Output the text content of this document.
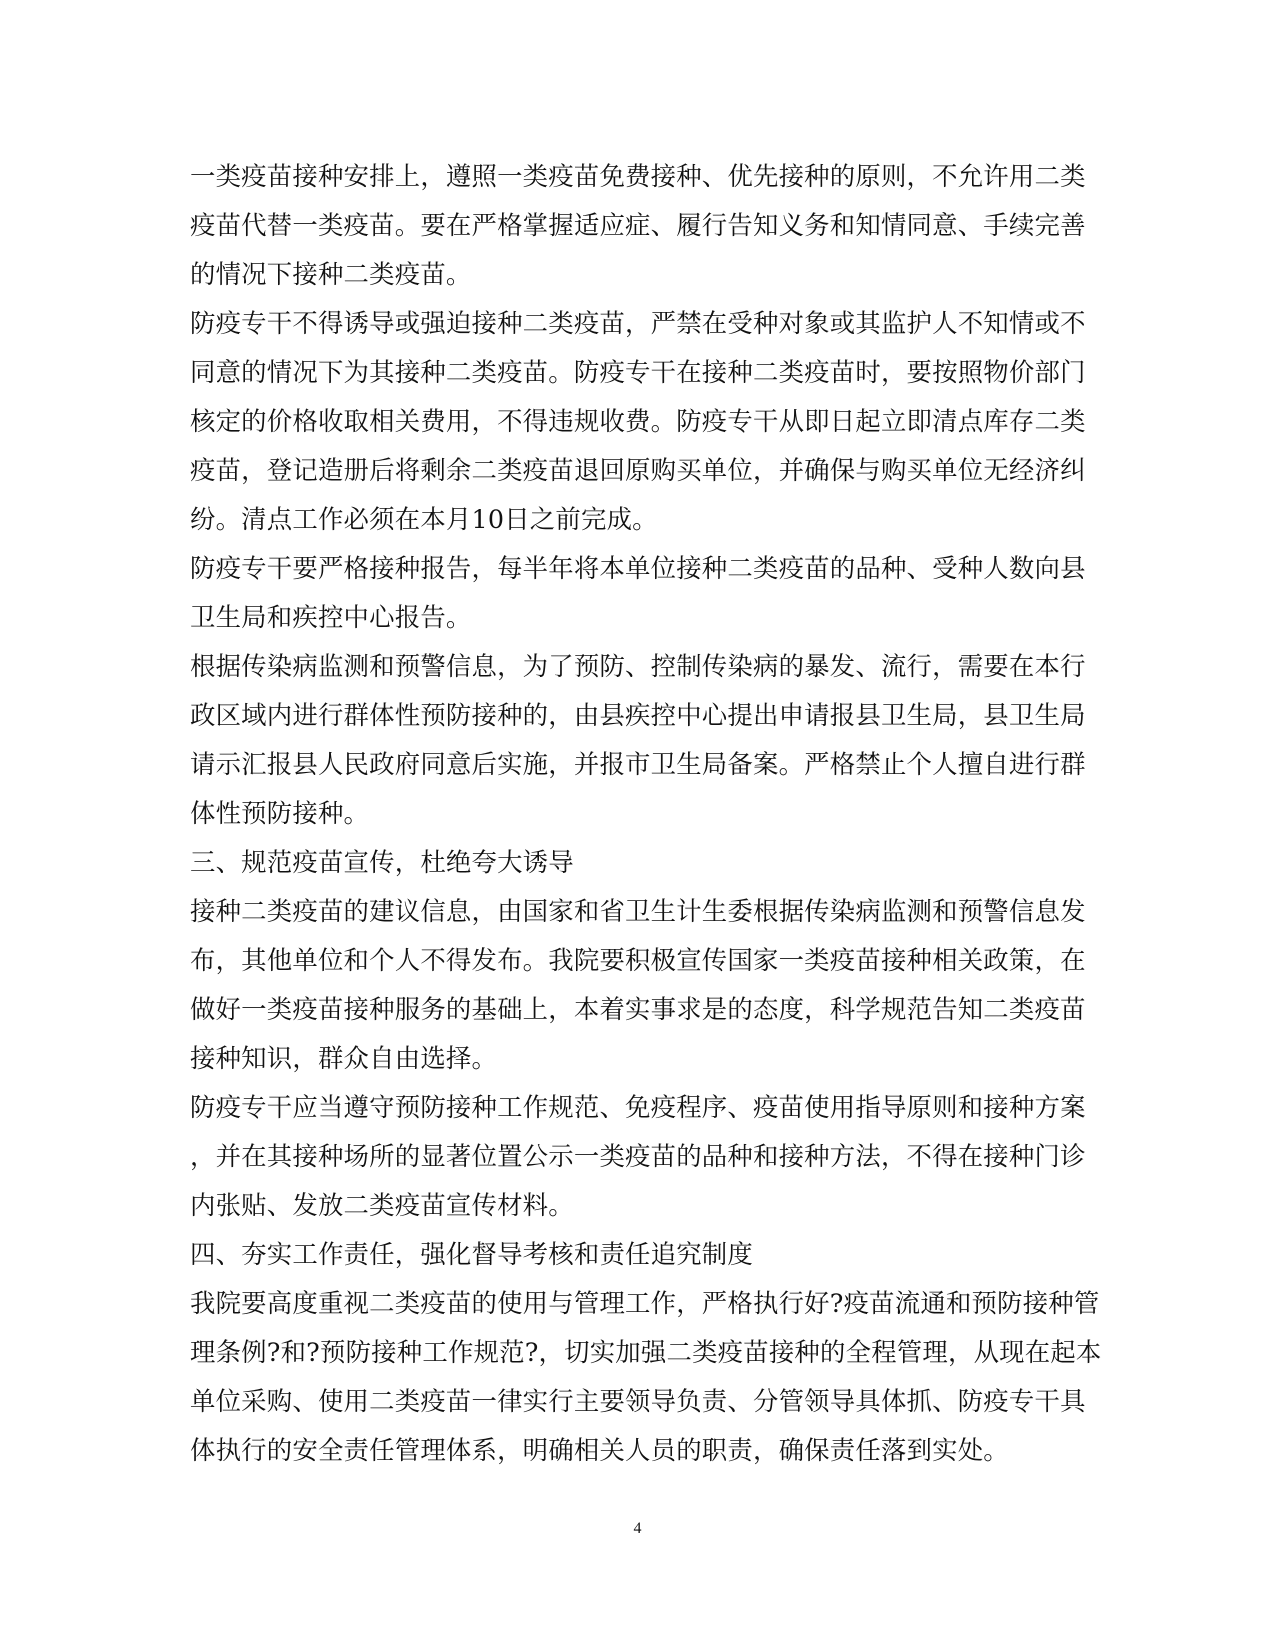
一类疫苗接种安排上，遵照一类疫苗免费接种、优先接种的原则，不允许用二类
疫苗代替一类疫苗。要在严格掌握适应症、履行告知义务和知情同意、手续完善
的情况下接种二类疫苗。
防疫专干不得诱导或强迫接种二类疫苗，严禁在受种对象或其监护人不知情或不
同意的情况下为其接种二类疫苗。防疫专干在接种二类疫苗时，要按照物价部门
核定的价格收取相关费用，不得违规收费。防疫专干从即日起立即清点库存二类
疫苗，登记造册后将剩余二类疫苗退回原购买单位，并确保与购买单位无经济纠
纷。清点工作必须在本月10日之前完成。
防疫专干要严格接种报告，每半年将本单位接种二类疫苗的品种、受种人数向县
卫生局和疾控中心报告。
根据传染病监测和预警信息，为了预防、控制传染病的暴发、流行，需要在本行
政区域内进行群体性预防接种的，由县疾控中心提出申请报县卫生局，县卫生局
请示汇报县人民政府同意后实施，并报市卫生局备案。严格禁止个人擅自进行群
体性预防接种。
三、规范疫苗宣传，杜绝夸大诱导
接种二类疫苗的建议信息，由国家和省卫生计生委根据传染病监测和预警信息发
布，其他单位和个人不得发布。我院要积极宣传国家一类疫苗接种相关政策，在
做好一类疫苗接种服务的基础上，本着实事求是的态度，科学规范告知二类疫苗
接种知识，群众自由选择。
防疫专干应当遵守预防接种工作规范、免疫程序、疫苗使用指导原则和接种方案
，并在其接种场所的显著位置公示一类疫苗的品种和接种方法，不得在接种门诊
内张贴、发放二类疫苗宣传材料。
四、夯实工作责任，强化督导考核和责任追究制度
我院要高度重视二类疫苗的使用与管理工作，严格执行好?疫苗流通和预防接种管
理条例?和?预防接种工作规范?，切实加强二类疫苗接种的全程管理，从现在起本
单位采购、使用二类疫苗一律实行主要领导负责、分管领导具体抓、防疫专干具
体执行的安全责任管理体系，明确相关人员的职责，确保责任落到实处。
4
